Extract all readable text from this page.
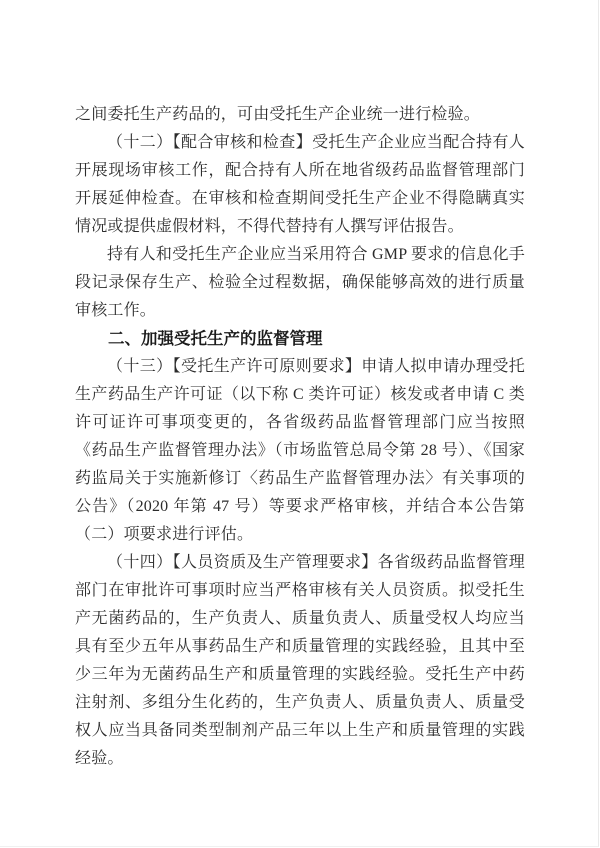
之间委托生产药品的，可由受托生产企业统一进行检验。

（十二）【配合审核和检查】受托生产企业应当配合持有人开展现场审核工作，配合持有人所在地省级药品监督管理部门开展延伸检查。在审核和检查期间受托生产企业不得隐瞒真实情况或提供虚假材料，不得代替持有人撰写评估报告。

持有人和受托生产企业应当采用符合 GMP 要求的信息化手段记录保存生产、检验全过程数据，确保能够高效的进行质量审核工作。

二、加强受托生产的监督管理

（十三）【受托生产许可原则要求】申请人拟申请办理受托生产药品生产许可证（以下称 C 类许可证）核发或者申请 C 类许可证许可事项变更的，各省级药品监督管理部门应当按照《药品生产监督管理办法》（市场监管总局令第 28 号）、《国家药监局关于实施新修订〈药品生产监督管理办法〉有关事项的公告》（2020 年第 47 号）等要求严格审核，并结合本公告第（二）项要求进行评估。

（十四）【人员资质及生产管理要求】各省级药品监督管理部门在审批许可事项时应当严格审核有关人员资质。拟受托生产无菌药品的，生产负责人、质量负责人、质量受权人均应当具有至少五年从事药品生产和质量管理的实践经验，且其中至少三年为无菌药品生产和质量管理的实践经验。受托生产中药注射剂、多组分生化药的，生产负责人、质量负责人、质量受权人应当具备同类型制剂产品三年以上生产和质量管理的实践经验。
